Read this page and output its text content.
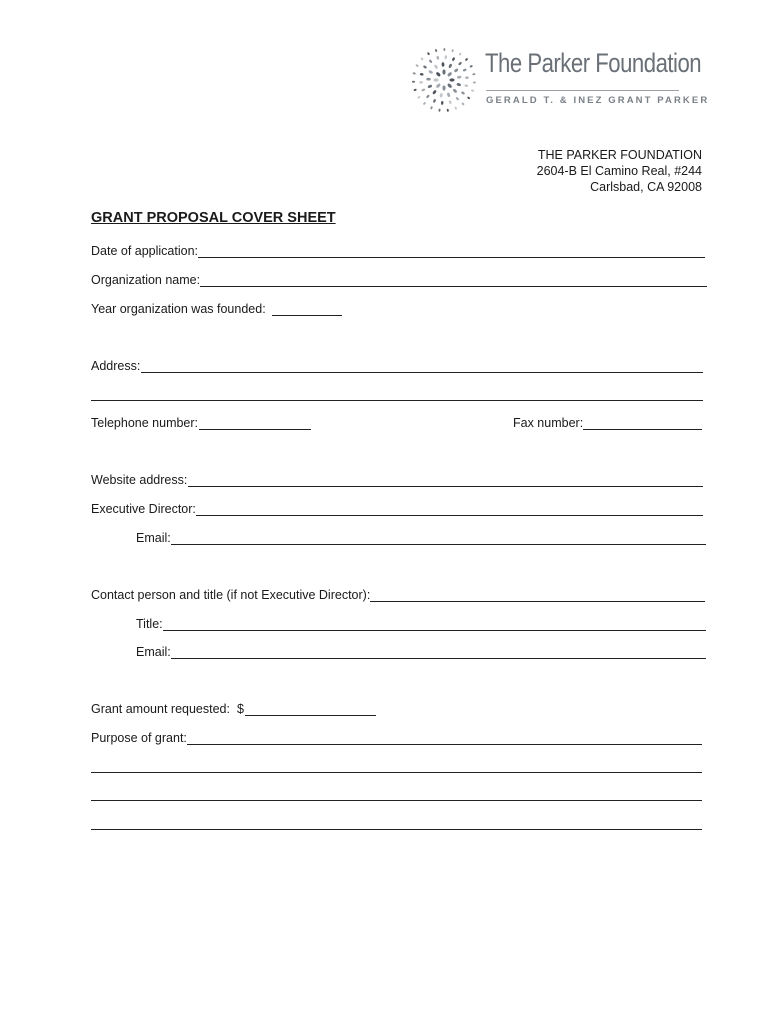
The Parker Foundation
GERALD T. & INEZ GRANT PARKER
THE PARKER FOUNDATION
2604-B El Camino Real, #244
Carlsbad, CA 92008
GRANT PROPOSAL COVER SHEET
Date of application:
Organization name:
Year organization was founded:
Address:
Telephone number:	Fax number:
Website address:
Executive Director:
Email:
Contact person and title (if not Executive Director):
Title:
Email:
Grant amount requested: $
Purpose of grant:
